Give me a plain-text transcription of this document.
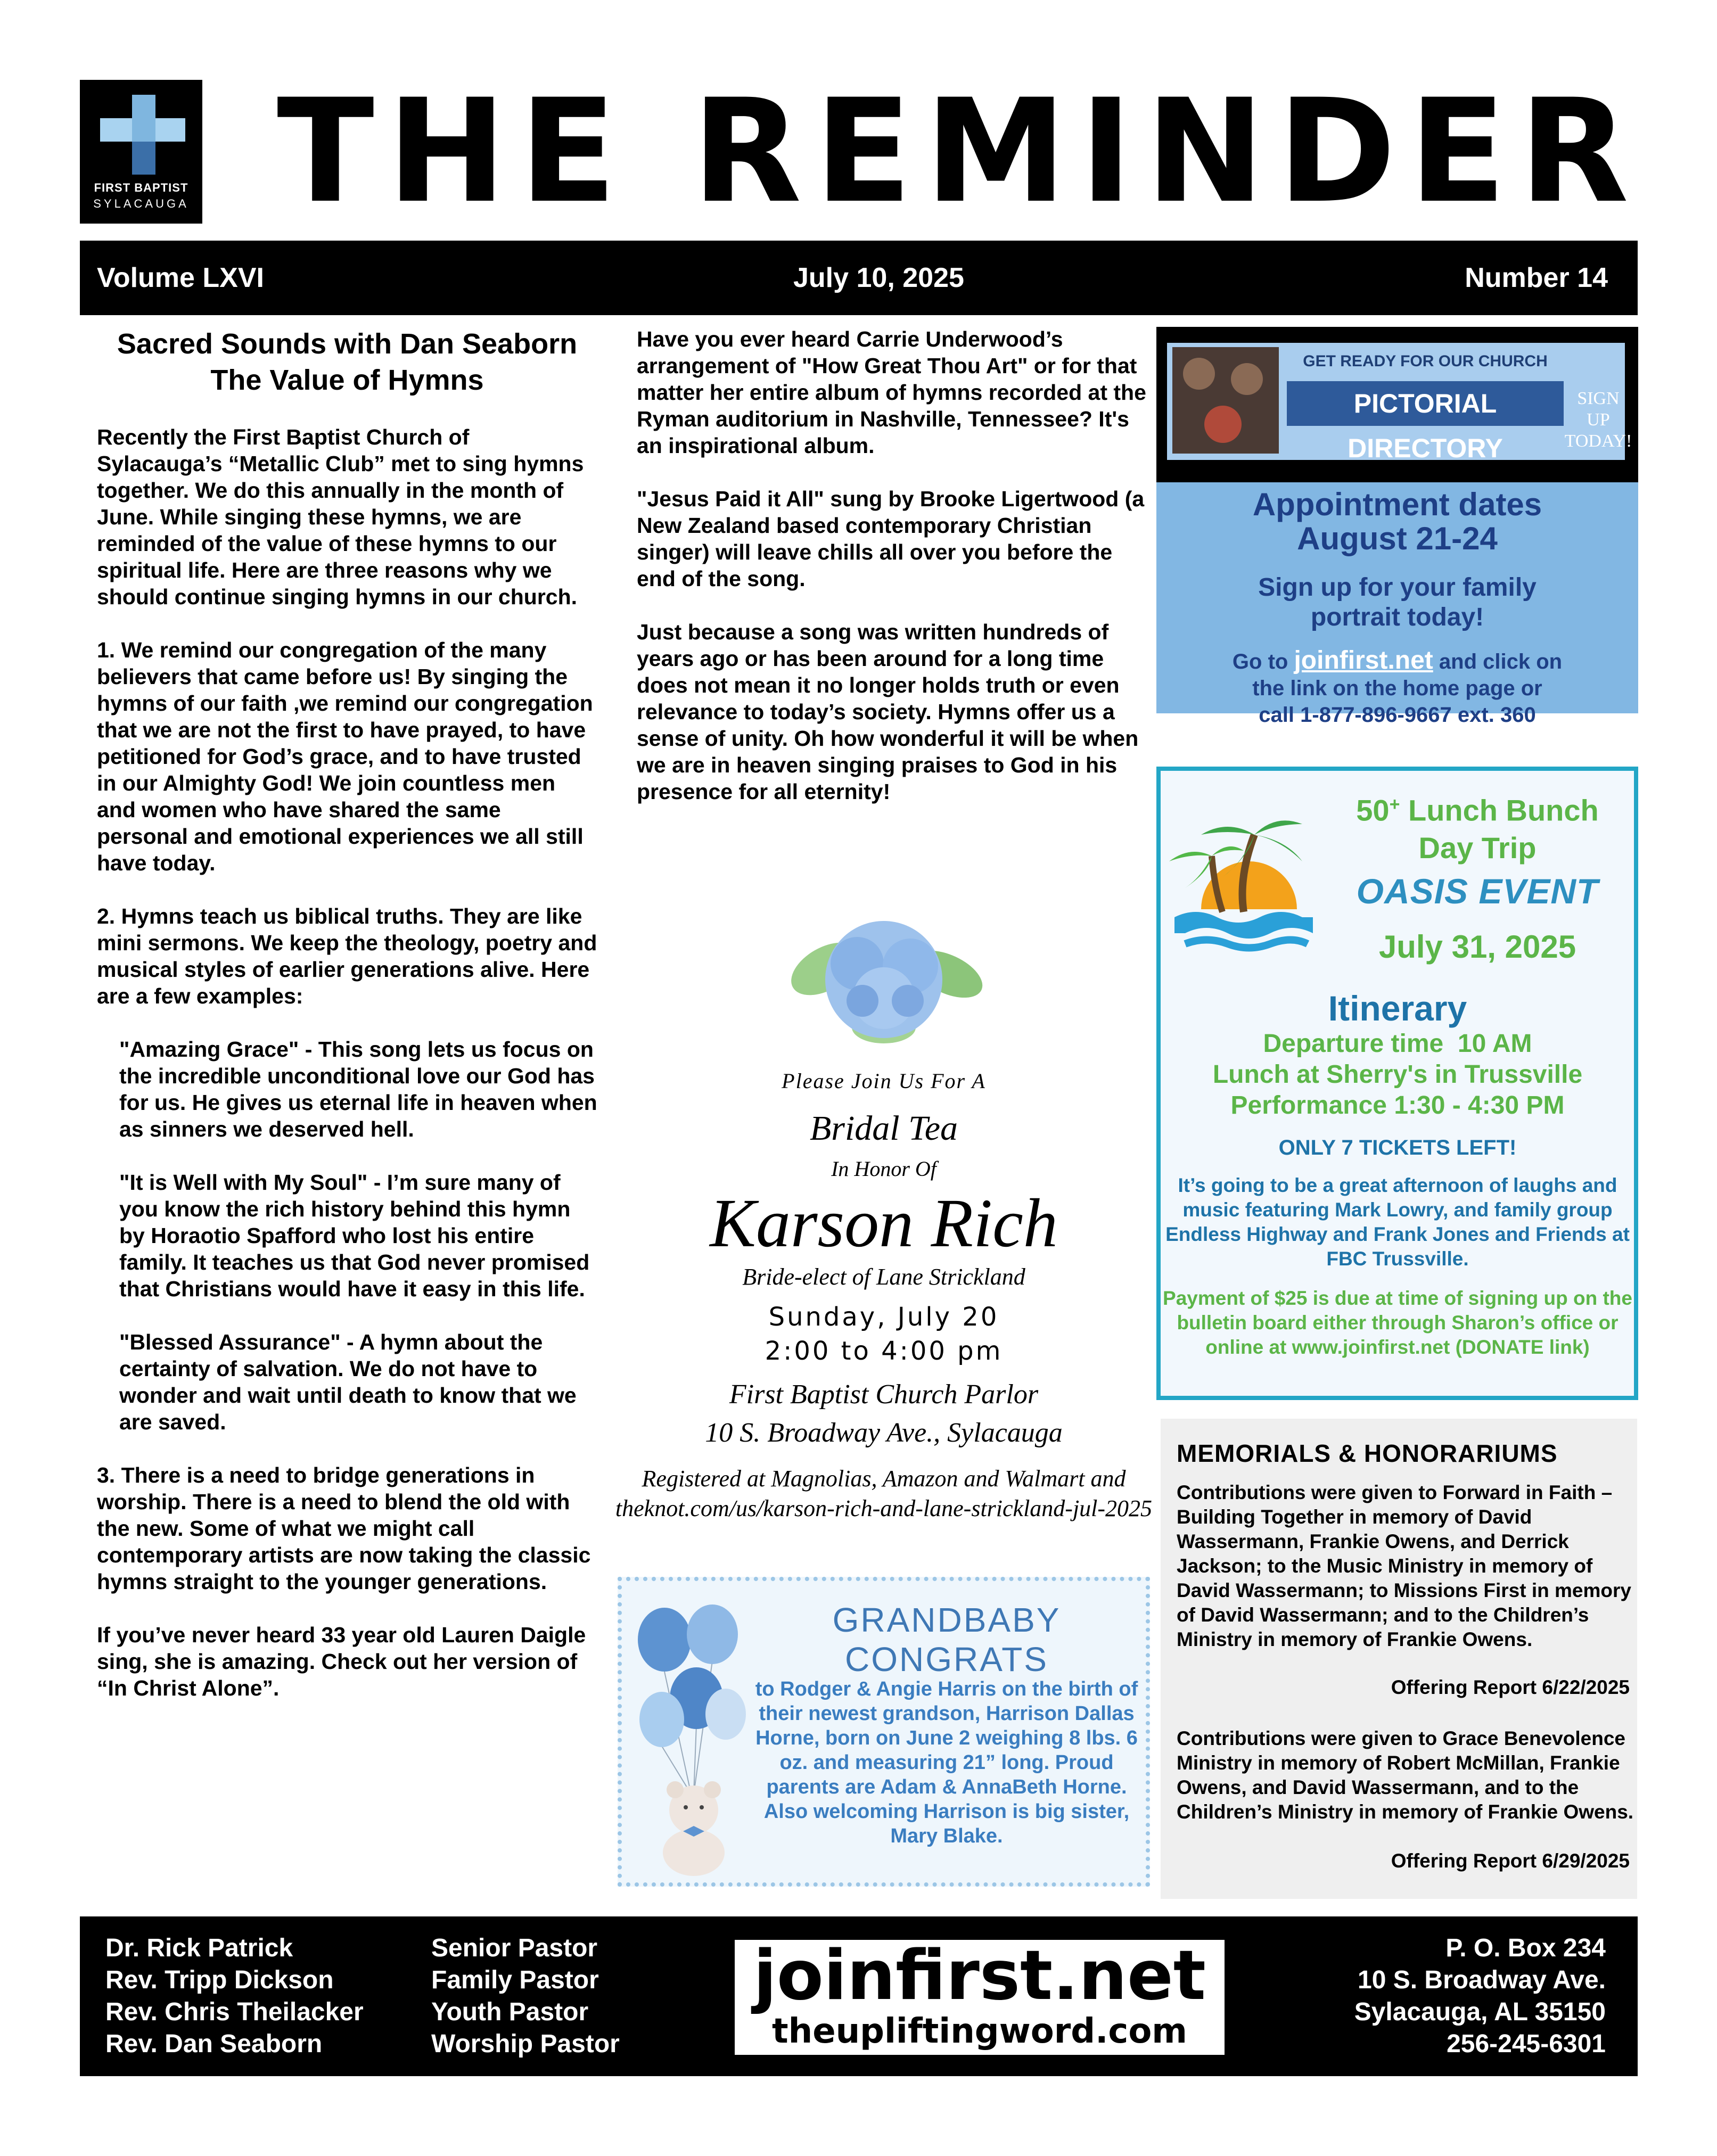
FIRST BAPTIST
SYLACAUGA THE REMINDER
Volume LXVI	July 10, 2025	Number 14
Sacred Sounds with Dan Seaborn
The Value of Hymns

Recently the First Baptist Church of Sylacauga’s “Metallic Club” met to sing hymns together. We do this annually in the month of June. While singing these hymns, we are reminded of the value of these hymns to our spiritual life. Here are three reasons why we should continue singing hymns in our church.

1. We remind our congregation of the many believers that came before us! By singing the hymns of our faith ,we remind our congregation that we are not the first to have prayed, to have petitioned for God’s grace, and to have trusted in our Almighty God! We join countless men and women who have shared the same personal and emotional experiences we all still have today.

2. Hymns teach us biblical truths. They are like mini sermons. We keep the theology, poetry and musical styles of earlier generations alive. Here are a few examples:

"Amazing Grace" - This song lets us focus on the incredible unconditional love our God has for us. He gives us eternal life in heaven when as sinners we deserved hell.

"It is Well with My Soul" - I’m sure many of you know the rich history behind this hymn by Horaotio Spafford who lost his entire family. It teaches us that God never promised that Christians would have it easy in this life.

"Blessed Assurance" - A hymn about the certainty of salvation. We do not have to wonder and wait until death to know that we are saved.

3. There is a need to bridge generations in worship. There is a need to blend the old with the new. Some of what we might call contemporary artists are now taking the classic hymns straight to the younger generations.

If you’ve never heard 33 year old Lauren Daigle sing, she is amazing. Check out her version of “In Christ Alone”.

Have you ever heard Carrie Underwood’s arrangement of "How Great Thou Art" or for that matter her entire album of hymns recorded at the Ryman auditorium in Nashville, Tennessee? It's an inspirational album.

"Jesus Paid it All" sung by Brooke Ligertwood (a New Zealand based contemporary Christian singer) will leave chills all over you before the end of the song.

Just because a song was written hundreds of years ago or has been around for a long time does not mean it no longer holds truth or even relevance to today’s society. Hymns offer us a sense of unity. Oh how wonderful it will be when we are in heaven singing praises to God in his presence for all eternity!

Please Join Us For A
Bridal Tea
In Honor Of
Karson Rich
Bride-elect of Lane Strickland
Sunday, July 20
2:00 to 4:00 pm
First Baptist Church Parlor
10 S. Broadway Ave., Sylacauga
Registered at Magnolias, Amazon and Walmart and theknot.com/us/karson-rich-and-lane-strickland-jul-2025
GRANDBABY CONGRATS
to Rodger & Angie Harris on the birth of their newest grandson, Harrison Dallas Horne, born on June 2 weighing 8 lbs. 6 oz. and measuring 21” long. Proud parents are Adam & AnnaBeth Horne. Also welcoming Harrison is big sister, Mary Blake.
GET READY FOR OUR CHURCH
PICTORIAL DIRECTORY
SIGN UP TODAY!
Appointment dates
August 21-24
Sign up for your family
portrait today!
Go to joinfirst.net and click on
the link on the home page or
call 1-877-896-9667 ext. 360
50+ Lunch Bunch
Day Trip
OASIS EVENT
July 31, 2025
Itinerary
Departure time  10 AM
Lunch at Sherry's in Trussville
Performance 1:30 - 4:30 PM
ONLY 7 TICKETS LEFT!
It’s going to be a great afternoon of laughs and music featuring Mark Lowry, and family group Endless Highway and Frank Jones and Friends at FBC Trussville.
Payment of $25 is due at time of signing up on the bulletin board either through Sharon’s office or online at www.joinfirst.net (DONATE link)
MEMORIALS & HONORARIUMS
Contributions were given to Forward in Faith – Building Together in memory of David Wassermann, Frankie Owens, and Derrick Jackson; to the Music Ministry in memory of David Wassermann; to Missions First in memory of David Wassermann; and to the Children’s Ministry in memory of Frankie Owens.
Offering Report 6/22/2025
Contributions were given to Grace Benevolence Ministry in memory of Robert McMillan, Frankie Owens, and David Wassermann, and to the Children’s Ministry in memory of Frankie Owens.
Offering Report 6/29/2025
Dr. Rick Patrick
Rev. Tripp Dickson
Rev. Chris Theilacker
Rev. Dan Seaborn
Senior Pastor
Family Pastor
Youth Pastor
Worship Pastor
joinfirst.net
theupliftingword.com
P. O. Box 234
10 S. Broadway Ave.
Sylacauga, AL 35150
256-245-6301
